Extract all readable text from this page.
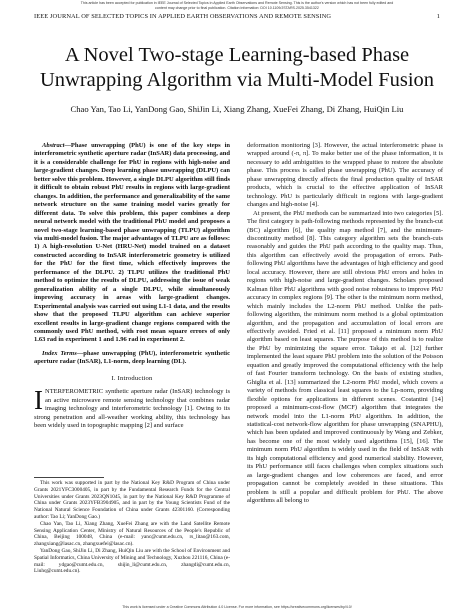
This article has been accepted for publication in IEEE Journal of Selected Topics in Applied Earth Observations and Remote Sensing. This is the author's version which has not been fully edited and
content may change prior to final publication. Citation information: DOI 10.1109/JSTARS.2025.3541322
IEEE JOURNAL OF SELECTED TOPICS IN APPLIED EARTH OBSERVATIONS AND REMOTE SENSING	1
A Novel Two-stage Learning-based Phase
Unwrapping Algorithm via Multi-Model Fusion
Chao Yan, Tao Li, YanDong Gao, ShiJin Li, Xiang Zhang, XueFei Zhang, Di Zhang, HuiQin Liu

Abstract—Phase unwrapping (PhU) is one of the key steps in interferometric synthetic aperture radar (InSAR) data processing, and it is a considerable challenge for PhU in regions with high-noise and large-gradient changes. Deep learning phase unwrapping (DLPU) can better solve this problem. However, a single DLPU algorithm still finds it difficult to obtain robust PhU results in regions with large-gradient changes. In addition, the performance and generalizability of the same network structure on the same training model varies greatly for different data. To solve this problem, this paper combines a deep neural network model with the traditional PhU model and proposes a novel two-stage learning-based phase unwrapping (TLPU) algorithm via multi-model fusion. The major advantages of TLPU are as follows: 1) A high-resolution U-Net (HRU-Net) model trained on a dataset constructed according to InSAR interferometric geometry is utilized for the PhU for the first time, which effectively improves the performance of the DLPU. 2) TLPU utilizes the traditional PhU method to optimize the results of DLPU, addressing the issue of weak generalization ability of a single DLPU, while simultaneously improving accuracy in areas with large-gradient changes. Experimental analysis was carried out using L1-1 data, and the results show that the proposed TLPU algorithm can achieve superior excellent results in large-gradient change regions compared with the commonly used PhU method, with root mean square errors of only 1.63 rad in experiment 1 and 1.96 rad in experiment 2.

Index Terms—phase unwrapping (PhU), interferometric synthetic aperture radar (InSAR), L1-norm, deep learning (DL).

I. Introduction

INTERFEROMETRIC synthetic aperture radar (InSAR) technology is an active microwave remote sensing technology that combines radar imaging technology and interferometric technology [1]. Owing to its strong penetration and all-weather working ability, this technology has been widely used in topographic mapping [2] and surface

This work was supported in part by the National Key R&D Program of China under Grants 2021YFC3000405, in part by the Fundamental Research Funds for the Central Universities under Grants 2023QN1045, in part by the National Key R&D Programme of China under Grants 2023YFB3904905, and in part by the Young Scientists Fund of the National Natural Science Foundation of China under Grants 42301160. (Corresponding author: Tao Li; YanDong Gao.)

Chao Yan, Tao Li, Xiang Zhang, XueFei Zhang are with the Land Satellite Remote Sensing Application Center, Ministry of Natural Resources of the People's Republic of China, Beijing 100048, China (e-mail: yanc@cumt.edu.cn, rs_litao@163.com, zhangxiang@lasac.cn, zhangxuefei@lasac.cn).

YanDong Gao, ShiJin Li, Di Zhang, HuiQin Liu are with the School of Environment and Spatial Informatics, China University of Mining and Technology, Xuzhou 221116, China (e-mail: ydgao@cumt.edu.cn, shijin_li@cumt.edu.cn, zhangdi@cumt.edu.cn, Liuhq@cumt.edu.cn).

deformation monitoring [3]. However, the actual interferometric phase is wrapped around (-π, π]. To make better use of the phase information, it is necessary to add ambiguities to the wrapped phase to restore the absolute phase. This process is called phase unwrapping (PhU). The accuracy of phase unwrapping directly affects the final production quality of InSAR products, which is crucial to the effective application of InSAR technology. PhU is particularly difficult in regions with large-gradient changes and high-noise [4].

At present, the PhU methods can be summarized into two categories [5]. The first category is path-following methods represented by the branch-cut (BC) algorithm [6], the quality map method [7], and the minimum-discontinuity method [8]. This category algorithm sets the branch-cuts reasonably and guides the PhU path according to the quality map. Thus, this algorithm can effectively avoid the propagation of errors. Path-following PhU algorithms have the advantages of high efficiency and good local accuracy. However, there are still obvious PhU errors and holes in regions with high-noise and large-gradient changes. Scholars proposed Kalman filter PhU algorithms with good noise robustness to improve PhU accuracy in complex regions [9]. The other is the minimum norm method, which mainly includes the L2-norm PhU method. Unlike the path-following algorithm, the minimum norm method is a global optimization algorithm, and the propagation and accumulation of local errors are effectively avoided. Fried et al. [11] proposed a minimum norm PhU algorithm based on least squares. The purpose of this method is to realize the PhU by minimizing the square error. Takajo et al. [12] further implemented the least square PhU problem into the solution of the Poisson equation and greatly improved the computational efficiency with the help of fast Fourier transform technology. On the basis of existing studies, Ghiglia et al. [13] summarized the L2-norm PhU model, which covers a variety of methods from classical least squares to the Lp-norm, providing flexible options for applications in different scenes. Costantini [14] proposed a minimum-cost-flow (MCF) algorithm that integrates the network model into the L1-norm PhU algorithm. In addition, the statistical-cost network-flow algorithm for phase unwrapping (SNAPHU), which has been updated and improved continuously by Wang and Zebker, has become one of the most widely used algorithms [15], [16]. The minimum norm PhU algorithm is widely used in the field of InSAR with its high computational efficiency and good numerical stability. However, its PhU performance still faces challenges when complex situations such as large-gradient changes and low coherences are faced, and error propagation cannot be completely avoided in these situations. This problem is still a popular and difficult problem for PhU. The above algorithms all belong to

This work is licensed under a Creative Commons Attribution 4.0 License. For more information, see https://creativecommons.org/licenses/by/4.0/
